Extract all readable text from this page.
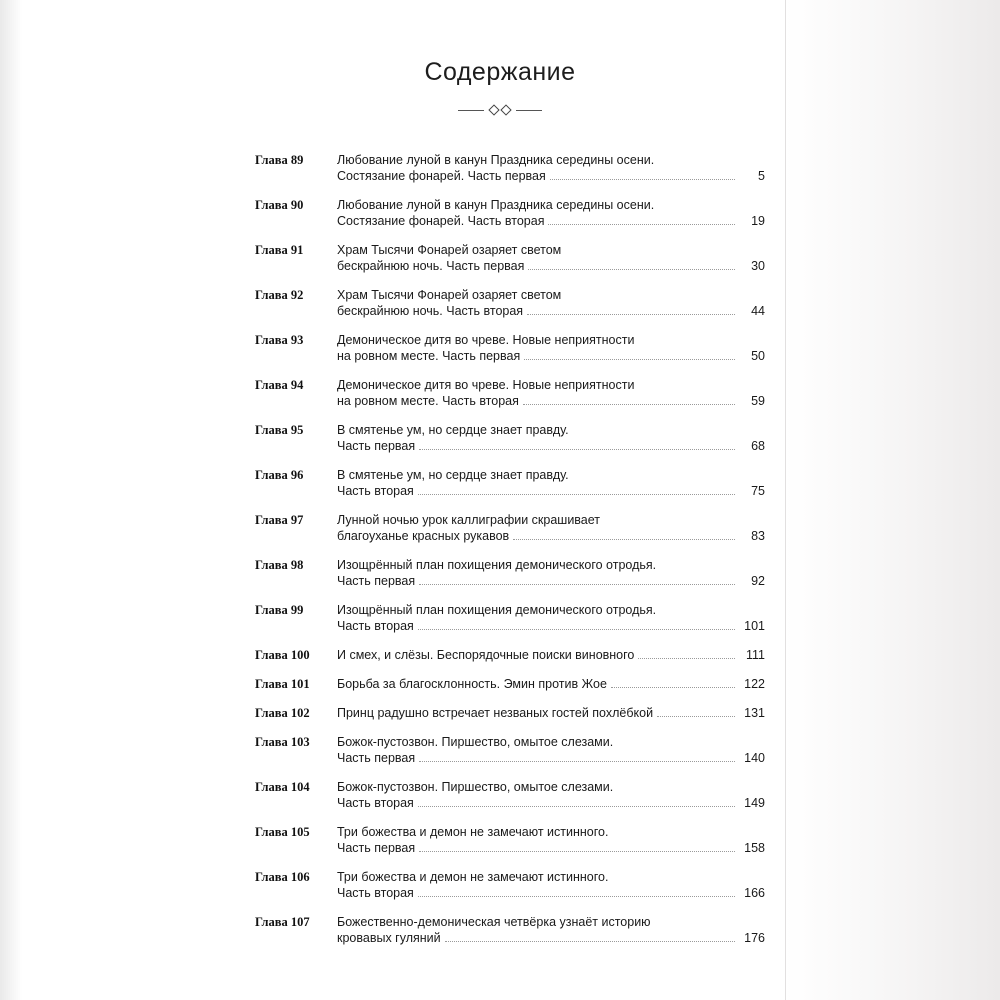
Содержание
Глава 89	Любование луной в канун Праздника середины осени.
Состязание фонарей. Часть первая	5
Глава 90	Любование луной в канун Праздника середины осени.
Состязание фонарей. Часть вторая	19
Глава 91	Храм Тысячи Фонарей озаряет светом
бескрайнюю ночь. Часть первая	30
Глава 92	Храм Тысячи Фонарей озаряет светом
бескрайнюю ночь. Часть вторая	44
Глава 93	Демоническое дитя во чреве. Новые неприятности
на ровном месте. Часть первая	50
Глава 94	Демоническое дитя во чреве. Новые неприятности
на ровном месте. Часть вторая	59
Глава 95	В смятенье ум, но сердце знает правду.
Часть первая	68
Глава 96	В смятенье ум, но сердце знает правду.
Часть вторая	75
Глава 97	Лунной ночью урок каллиграфии скрашивает
благоуханье красных рукавов	83
Глава 98	Изощрённый план похищения демонического отродья.
Часть первая	92
Глава 99	Изощрённый план похищения демонического отродья.
Часть вторая	101
Глава 100	И смех, и слёзы. Беспорядочные поиски виновного	111
Глава 101	Борьба за благосклонность. Эмин против Жое	122
Глава 102	Принц радушно встречает незваных гостей похлёбкой	131
Глава 103	Божок-пустозвон. Пиршество, омытое слезами.
Часть первая	140
Глава 104	Божок-пустозвон. Пиршество, омытое слезами.
Часть вторая	149
Глава 105	Три божества и демон не замечают истинного.
Часть первая	158
Глава 106	Три божества и демон не замечают истинного.
Часть вторая	166
Глава 107	Божественно-демоническая четвёрка узнаёт историю
кровавых гуляний	176
